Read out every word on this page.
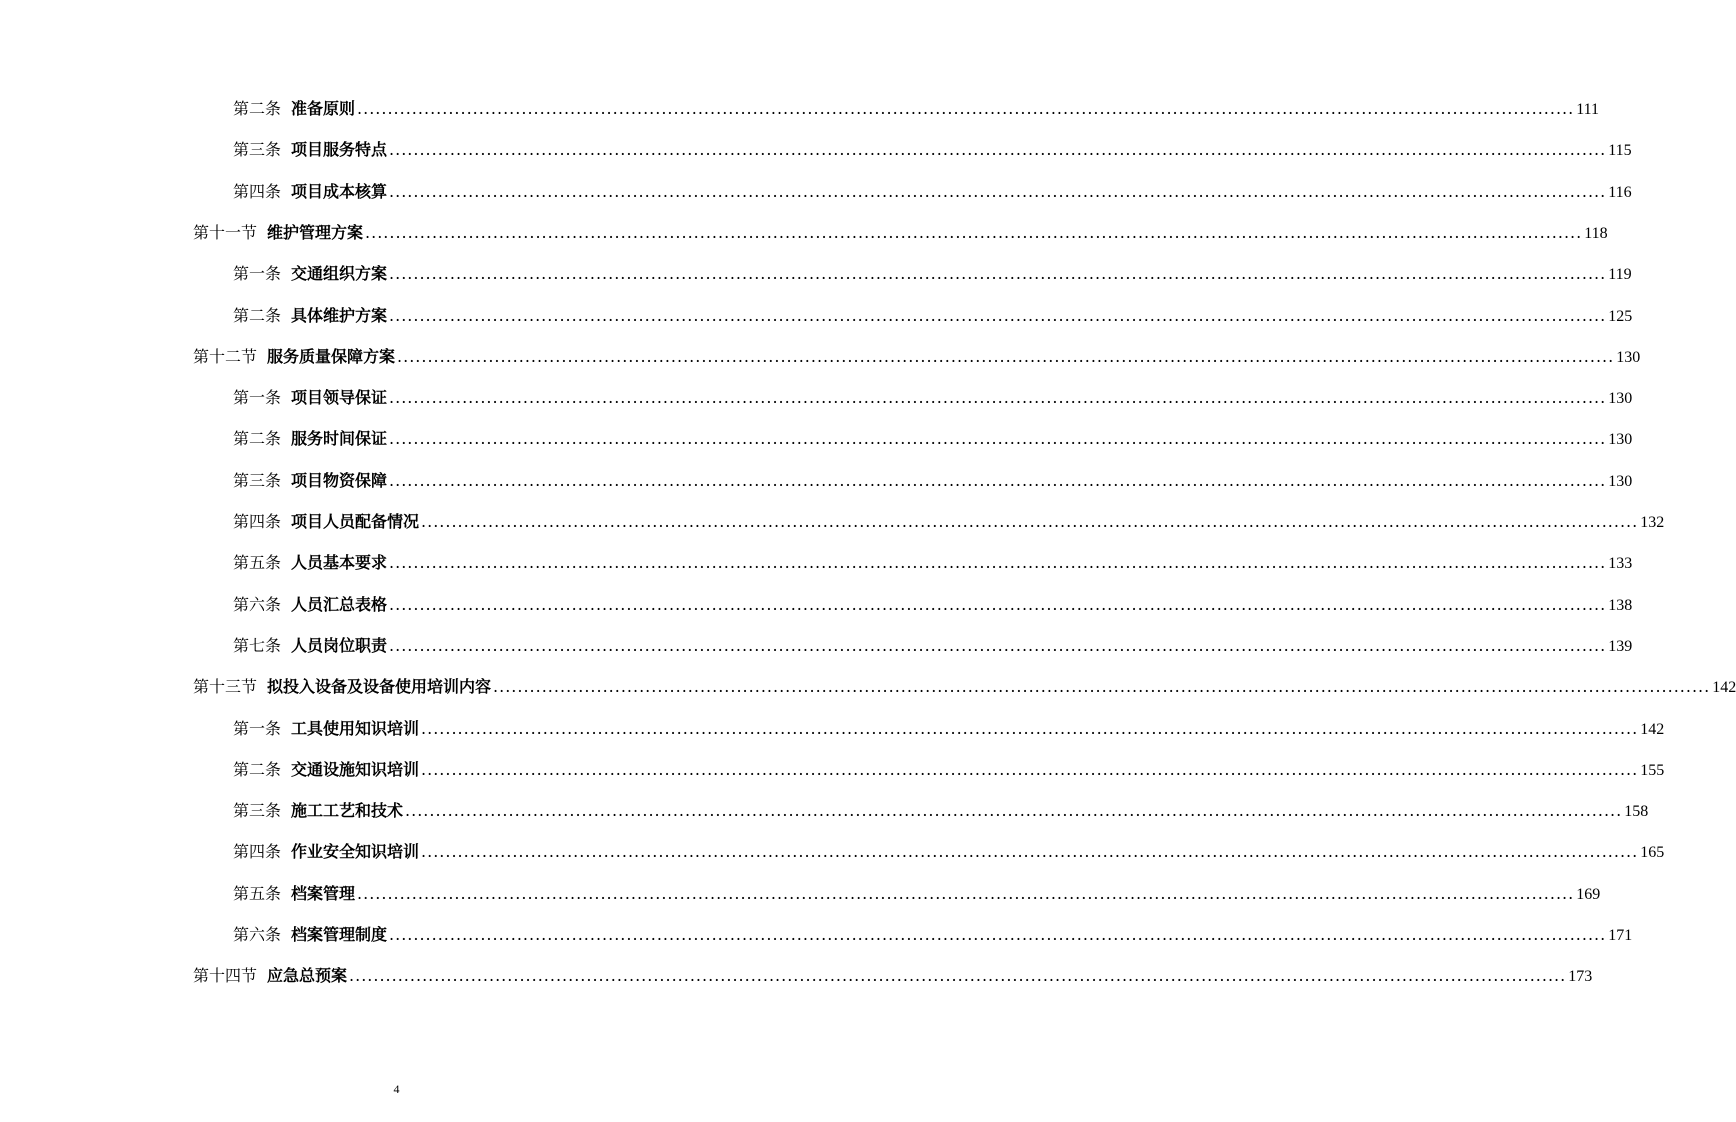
第二条 准备原则 ........................................................................................................................................................................................................ 111
第三条 项目服务特点 ........................................................................................................................................................................................................ 115
第四条 项目成本核算 ........................................................................................................................................................................................................ 116
第十一节 维护管理方案 ........................................................................................................................................................................................................ 118
第一条 交通组织方案 ........................................................................................................................................................................................................ 119
第二条 具体维护方案 ........................................................................................................................................................................................................ 125
第十二节 服务质量保障方案 ........................................................................................................................................................................................................ 130
第一条 项目领导保证 ........................................................................................................................................................................................................ 130
第二条 服务时间保证 ........................................................................................................................................................................................................ 130
第三条 项目物资保障 ........................................................................................................................................................................................................ 130
第四条 项目人员配备情况 ........................................................................................................................................................................................................ 132
第五条 人员基本要求 ........................................................................................................................................................................................................ 133
第六条 人员汇总表格 ........................................................................................................................................................................................................ 138
第七条 人员岗位职责 ........................................................................................................................................................................................................ 139
第十三节 拟投入设备及设备使用培训内容 ........................................................................................................................................................................................................ 142
第一条 工具使用知识培训 ........................................................................................................................................................................................................ 142
第二条 交通设施知识培训 ........................................................................................................................................................................................................ 155
第三条 施工工艺和技术 ........................................................................................................................................................................................................ 158
第四条 作业安全知识培训 ........................................................................................................................................................................................................ 165
第五条 档案管理 ........................................................................................................................................................................................................ 169
第六条 档案管理制度 ........................................................................................................................................................................................................ 171
第十四节 应急总预案 ........................................................................................................................................................................................................ 173
4
